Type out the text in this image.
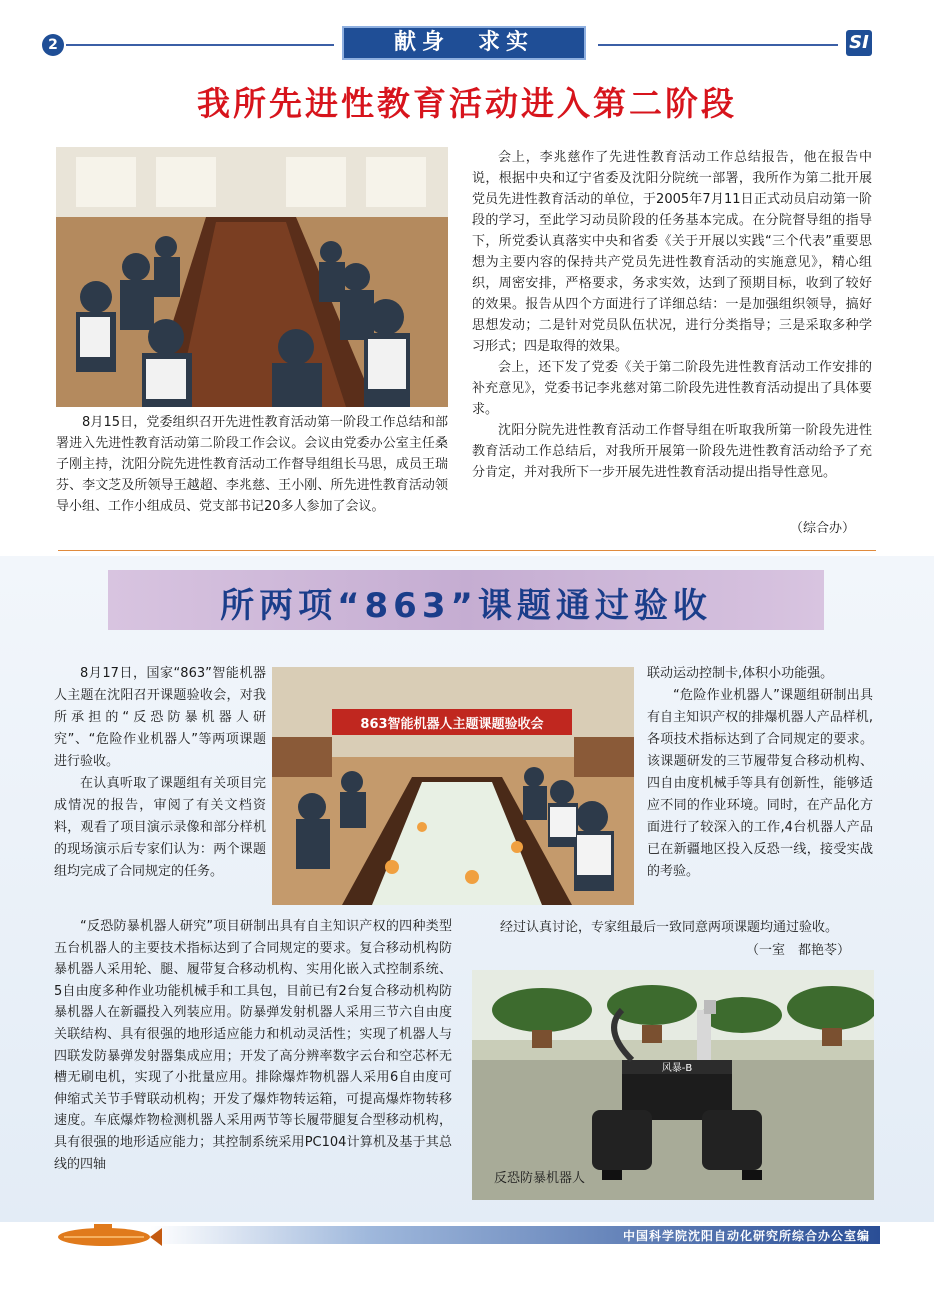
2	献身　求实	SI
我所先进性教育活动进入第二阶段

8月15日，党委组织召开先进性教育活动第一阶段工作总结和部署进入先进性教育活动第二阶段工作会议。会议由党委办公室主任桑子刚主持，沈阳分院先进性教育活动工作督导组组长马思，成员王瑞芬、李文芝及所领导王越超、李兆慈、王小刚、所先进性教育活动领导小组、工作小组成员、党支部书记20多人参加了会议。

会上，李兆慈作了先进性教育活动工作总结报告，他在报告中说，根据中央和辽宁省委及沈阳分院统一部署，我所作为第二批开展党员先进性教育活动的单位，于2005年7月11日正式动员启动第一阶段的学习，至此学习动员阶段的任务基本完成。在分院督导组的指导下，所党委认真落实中央和省委《关于开展以实践“三个代表”重要思想为主要内容的保持共产党员先进性教育活动的实施意见》，精心组织，周密安排，严格要求，务求实效，达到了预期目标，收到了较好的效果。报告从四个方面进行了详细总结：一是加强组织领导，搞好思想发动；二是针对党员队伍状况，进行分类指导；三是采取多种学习形式；四是取得的效果。

会上，还下发了党委《关于第二阶段先进性教育活动工作安排的补充意见》，党委书记李兆慈对第二阶段先进性教育活动提出了具体要求。

沈阳分院先进性教育活动工作督导组在听取我所第一阶段先进性教育活动工作总结后，对我所开展第一阶段先进性教育活动给予了充分肯定，并对我所下一步开展先进性教育活动提出指导性意见。

（综合办）
所两项“863”课题通过验收

8月17日，国家“863”智能机器人主题在沈阳召开课题验收会，对我所承担的“反恐防暴机器人研究”、“危险作业机器人”等两项课题进行验收。

在认真听取了课题组有关项目完成情况的报告，审阅了有关文档资料，观看了项目演示录像和部分样机的现场演示后专家们认为：两个课题组均完成了合同规定的任务。

863智能机器人主题课题验收会
联动运动控制卡,体积小功能强。

“危险作业机器人”课题组研制出具有自主知识产权的排爆机器人产品样机,各项技术指标达到了合同规定的要求。该课题研发的三节履带复合移动机构、四自由度机械手等具有创新性，能够适应不同的作业环境。同时，在产品化方面进行了较深入的工作,4台机器人产品已在新疆地区投入反恐一线，接受实战的考验。

经过认真讨论，专家组最后一致同意两项课题均通过验收。

（一室　都艳苓）

“反恐防暴机器人研究”项目研制出具有自主知识产权的四种类型五台机器人的主要技术指标达到了合同规定的要求。复合移动机构防暴机器人采用轮、腿、履带复合移动机构、实用化嵌入式控制系统、5自由度多种作业功能机械手和工具包，目前已有2台复合移动机构防暴机器人在新疆投入列装应用。防暴弹发射机器人采用三节六自由度关联结构、具有很强的地形适应能力和机动灵活性；实现了机器人与四联发防暴弹发射器集成应用；开发了高分辨率数字云台和空芯杯无槽无刷电机，实现了小批量应用。排除爆炸物机器人采用6自由度可伸缩式关节手臂联动机构；开发了爆炸物转运箱，可提高爆炸物转移速度。车底爆炸物检测机器人采用两节等长履带腿复合型移动机构，具有很强的地形适应能力；其控制系统采用PC104计算机及基于其总线的四轴

风暴-B
反恐防暴机器人
中国科学院沈阳自动化研究所综合办公室编
